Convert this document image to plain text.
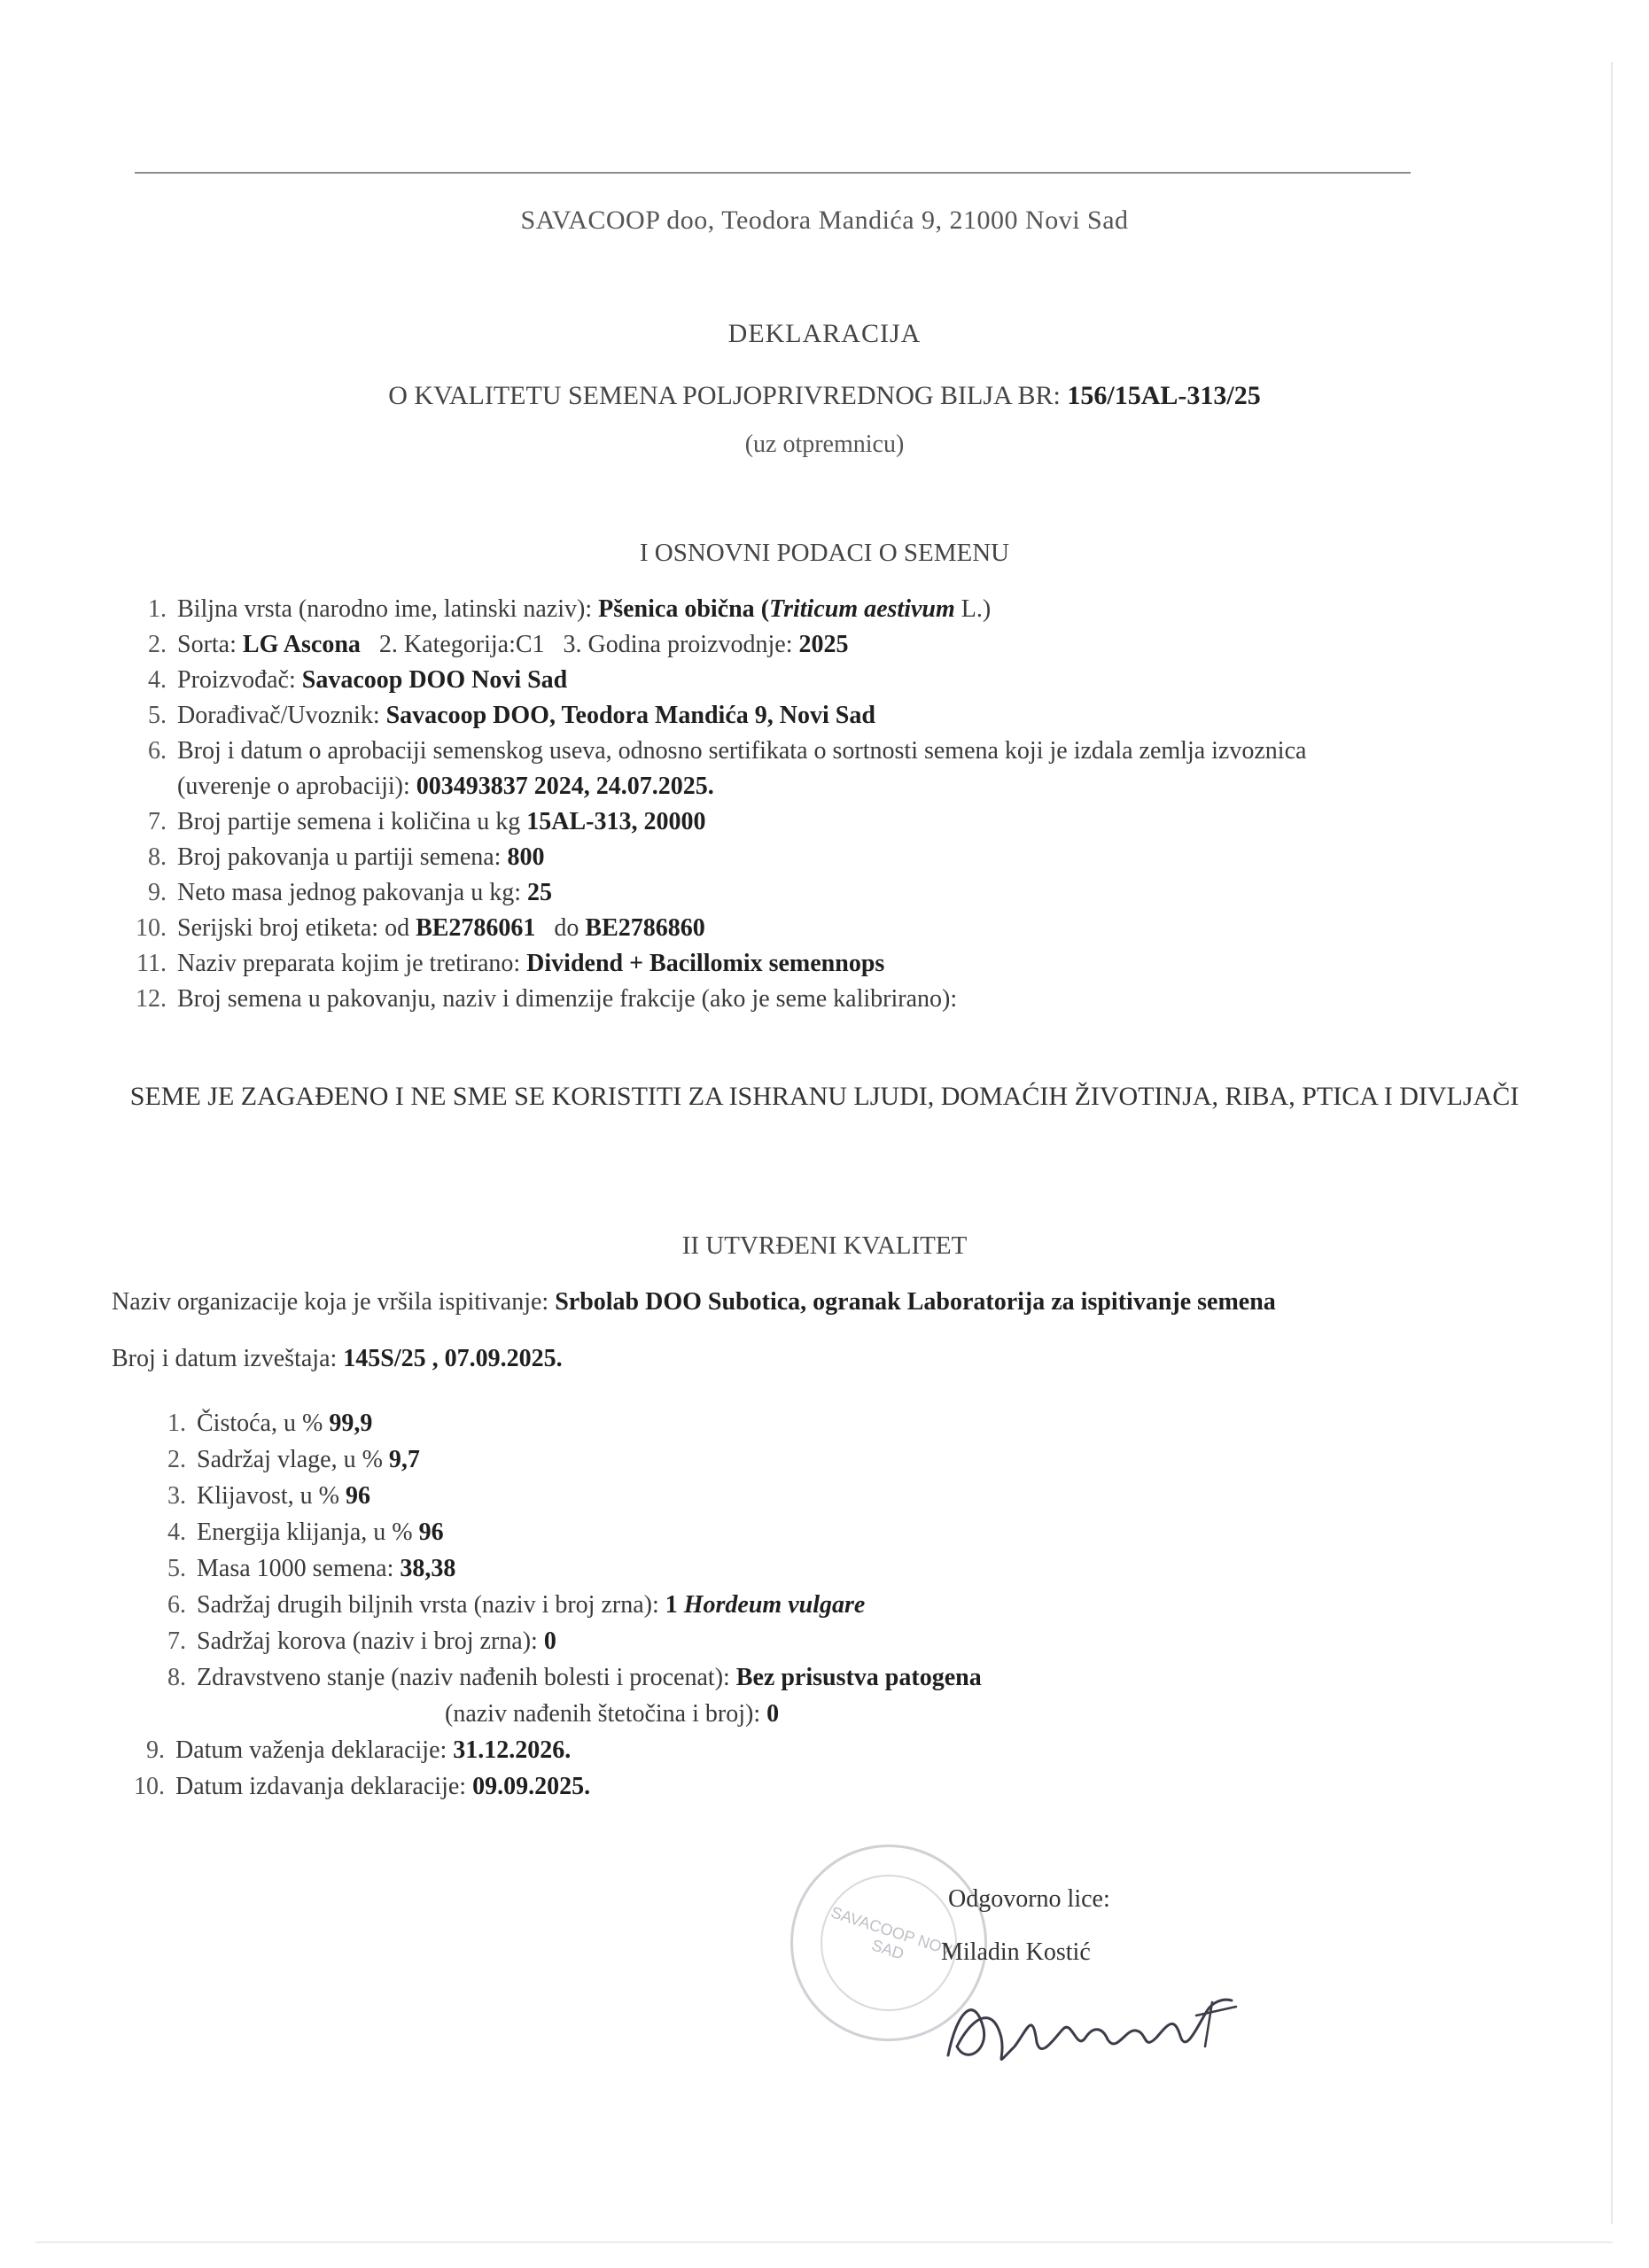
SAVACOOP doo, Teodora Mandića 9, 21000 Novi Sad
DEKLARACIJA
O KVALITETU SEMENA POLJOPRIVREDNOG BILJA BR: 156/15AL-313/25
(uz otpremnicu)
I OSNOVNI PODACI O SEMENU
1. Biljna vrsta (narodno ime, latinski naziv): Pšenica obična (Triticum aestivum L.)
2. Sorta: LG Ascona 2. Kategorija:C1 3. Godina proizvodnje: 2025
4. Proizvođač: Savacoop DOO Novi Sad
5. Dorađivač/Uvoznik: Savacoop DOO, Teodora Mandića 9, Novi Sad
6. Broj i datum o aprobaciji semenskog useva, odnosno sertifikata o sortnosti semena koji je izdala zemlja izvoznica
(uverenje o aprobaciji): 003493837 2024, 24.07.2025.
7. Broj partije semena i količina u kg 15AL-313, 20000
8. Broj pakovanja u partiji semena: 800
9. Neto masa jednog pakovanja u kg: 25
10. Serijski broj etiketa: od BE2786061 do BE2786860
11. Naziv preparata kojim je tretirano: Dividend + Bacillomix semennops
12. Broj semena u pakovanju, naziv i dimenzije frakcije (ako je seme kalibrirano):
SEME JE ZAGAĐENO I NE SME SE KORISTITI ZA ISHRANU LJUDI, DOMAĆIH ŽIVOTINJA, RIBA, PTICA I DIVLJAČI
II UTVRĐENI KVALITET
Naziv organizacije koja je vršila ispitivanje: Srbolab DOO Subotica, ogranak Laboratorija za ispitivanje semena
Broj i datum izveštaja: 145S/25 , 07.09.2025.
1. Čistoća, u % 99,9
2. Sadržaj vlage, u % 9,7
3. Klijavost, u % 96
4. Energija klijanja, u % 96
5. Masa 1000 semena: 38,38
6. Sadržaj drugih biljnih vrsta (naziv i broj zrna): 1 Hordeum vulgare
7. Sadržaj korova (naziv i broj zrna): 0
8. Zdravstveno stanje (naziv nađenih bolesti i procenat): Bez prisustva patogena
(naziv nađenih štetočina i broj): 0
9. Datum važenja deklaracije: 31.12.2026.
10. Datum izdavanja deklaracije: 09.09.2025.
SAVACOOP NOVI SAD
Odgovorno lice:
Miladin Kostić
